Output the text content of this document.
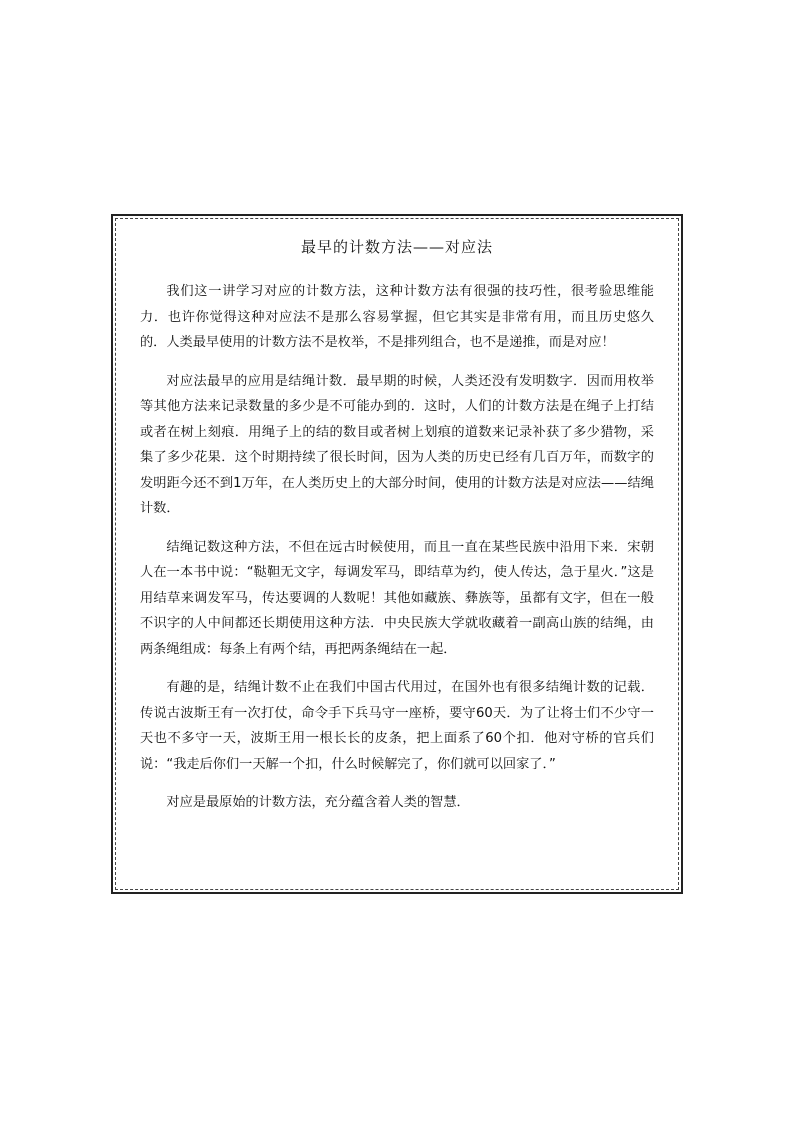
最早的计数方法——对应法

我们这一讲学习对应的计数方法，这种计数方法有很强的技巧性，很考验思维能力．也许你觉得这种对应法不是那么容易掌握，但它其实是非常有用，而且历史悠久的．人类最早使用的计数方法不是枚举，不是排列组合，也不是递推，而是对应！

对应法最早的应用是结绳计数．最早期的时候，人类还没有发明数字．因而用枚举等其他方法来记录数量的多少是不可能办到的．这时，人们的计数方法是在绳子上打结或者在树上刻痕．用绳子上的结的数目或者树上划痕的道数来记录补获了多少猎物，采集了多少花果．这个时期持续了很长时间，因为人类的历史已经有几百万年，而数字的发明距今还不到1万年，在人类历史上的大部分时间，使用的计数方法是对应法——结绳计数．

结绳记数这种方法，不但在远古时候使用，而且一直在某些民族中沿用下来．宋朝人在一本书中说：“鞑靼无文字，每调发军马，即结草为约，使人传达，急于星火．”这是用结草来调发军马，传达要调的人数呢！其他如藏族、彝族等，虽都有文字，但在一般不识字的人中间都还长期使用这种方法．中央民族大学就收藏着一副高山族的结绳，由两条绳组成：每条上有两个结，再把两条绳结在一起．

有趣的是，结绳计数不止在我们中国古代用过，在国外也有很多结绳计数的记载．传说古波斯王有一次打仗，命令手下兵马守一座桥，要守60天．为了让将士们不少守一天也不多守一天，波斯王用一根长长的皮条，把上面系了60个扣．他对守桥的官兵们说：“我走后你们一天解一个扣，什么时候解完了，你们就可以回家了．”

对应是最原始的计数方法，充分蕴含着人类的智慧．
